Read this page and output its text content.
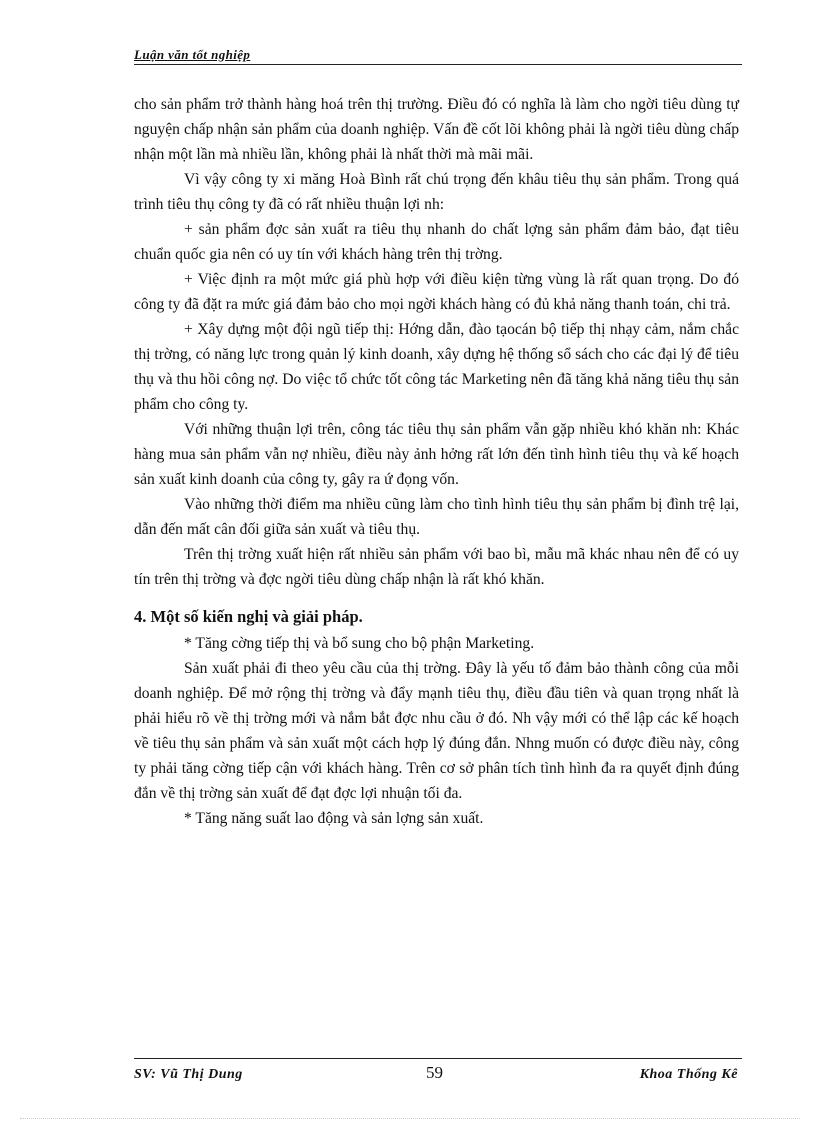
Luận văn tốt nghiệp

cho sản phẩm trở thành hàng hoá trên thị trường. Điều đó có nghĩa là làm cho ngời tiêu dùng tự nguyện chấp nhận sản phẩm của doanh nghiệp. Vấn đề cốt lõi không phải là ngời tiêu dùng chấp nhận một lần mà nhiều lần, không phải là nhất thời mà mãi mãi.

Vì vậy công ty xi măng Hoà Bình rất chú trọng đến khâu tiêu thụ sản phẩm. Trong quá trình tiêu thụ công ty đã có rất nhiều thuận lợi nh:

+ sản phẩm đợc sản xuất ra tiêu thụ nhanh do chất lợng sản phẩm đảm bảo, đạt tiêu chuẩn quốc gia nên có uy tín với khách hàng trên thị trờng.

+ Việc định ra một mức giá phù hợp với điều kiện từng vùng là rất quan trọng. Do đó công ty đã đặt ra mức giá đảm bảo cho mọi ngời khách hàng có đủ khả năng thanh toán, chi trả.

+ Xây dựng một đội ngũ tiếp thị: Hớng dẫn, đào tạocán bộ tiếp thị nhạy cảm, nắm chắc thị trờng, có năng lực trong quản lý kinh doanh, xây dựng hệ thống sổ sách cho các đại lý để tiêu thụ và thu hồi công nợ. Do việc tổ chức tốt công tác Marketing nên đã tăng khả năng tiêu thụ sản phẩm cho công ty.

Với những thuận lợi trên, công tác tiêu thụ sản phẩm vẫn gặp nhiều khó khăn nh: Khác hàng mua sản phẩm vẫn nợ nhiều, điều này ảnh hởng rất lớn đến tình hình tiêu thụ và kế hoạch sản xuất kinh doanh của công ty, gây ra ứ đọng vốn.

Vào những thời điểm ma nhiều cũng làm cho tình hình tiêu thụ sản phẩm bị đình trệ lại, dẫn đến mất cân đối giữa sản xuất và tiêu thụ.

Trên thị trờng xuất hiện rất nhiều sản phẩm với bao bì, mẫu mã khác nhau nên để có uy tín trên thị trờng và đợc ngời tiêu dùng chấp nhận là rất khó khăn.

4. Một số kiến nghị và giải pháp.

* Tăng cờng tiếp thị và bổ sung cho bộ phận Marketing.

Sản xuất phải đi theo yêu cầu của thị trờng. Đây là yếu tố đảm bảo thành công của mỗi doanh nghiệp. Để mở rộng thị trờng và đẩy mạnh tiêu thụ, điều đầu tiên và quan trọng nhất là phải hiểu rõ về thị trờng mới và nắm bắt đợc nhu cầu ở đó. Nh vậy mới có thể lập các kế hoạch về tiêu thụ sản phẩm và sản xuất một cách hợp lý đúng đắn. Nhng muốn có được điều này, công ty phải tăng cờng tiếp cận với khách hàng. Trên cơ sở phân tích tình hình đa ra quyết định đúng đắn về thị trờng sản xuất để đạt đợc lợi nhuận tối đa.

* Tăng năng suất lao động và sản lợng sản xuất.

SV: Vũ Thị Dung	59	Khoa Thống Kê
